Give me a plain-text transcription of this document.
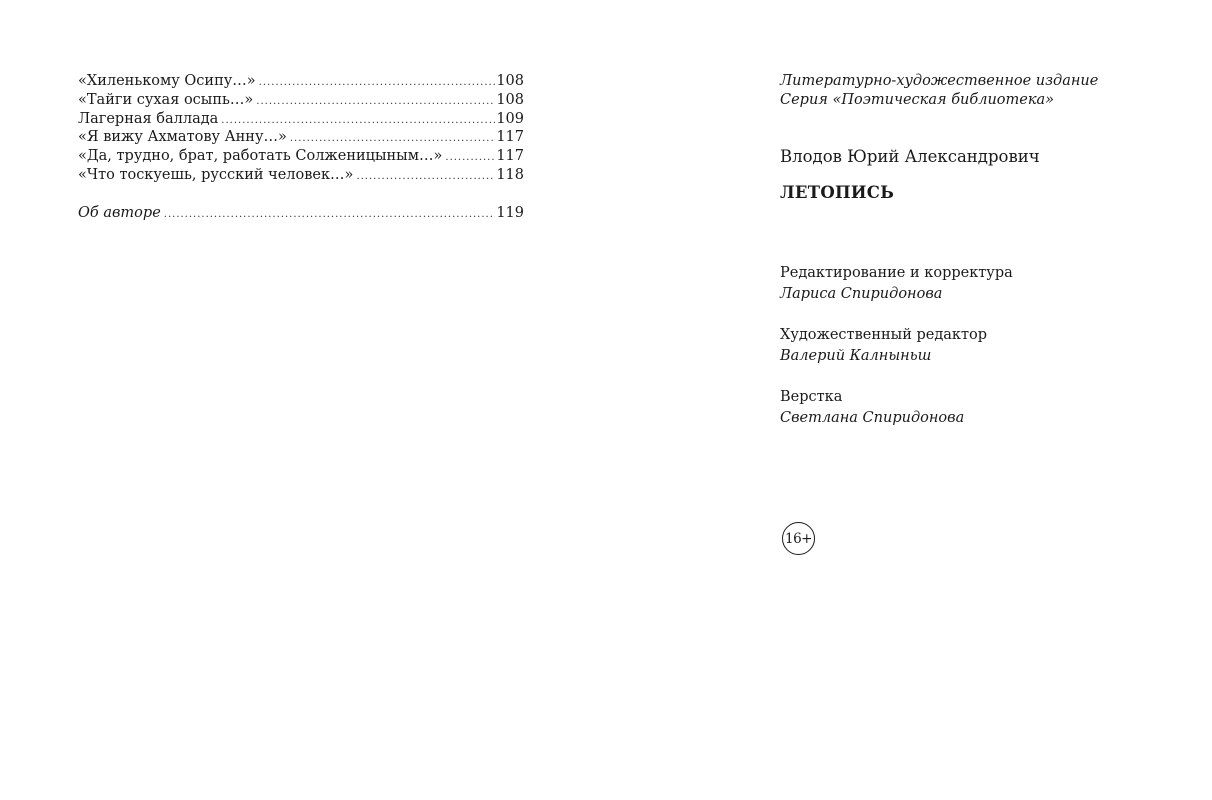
«Хиленькому Осипу…» .....	108
«Тайги сухая осыпь…» .....	108
Лагерная баллада .....	109
«Я вижу Ахматову Анну…» .....	117
«Да, трудно, брат, работать Солженицыным…» .....	117
«Что тоскуешь, русский человек…» .....	118
Об авторе .....	119
Литературно-художественное издание
Серия «Поэтическая библиотека»
Влодов Юрий Александрович
ЛЕТОПИСЬ
Редактирование и корректура
Лариса Спиридонова
Художественный редактор
Валерий Калныньш
Верстка
Светлана Спиридонова
16+
